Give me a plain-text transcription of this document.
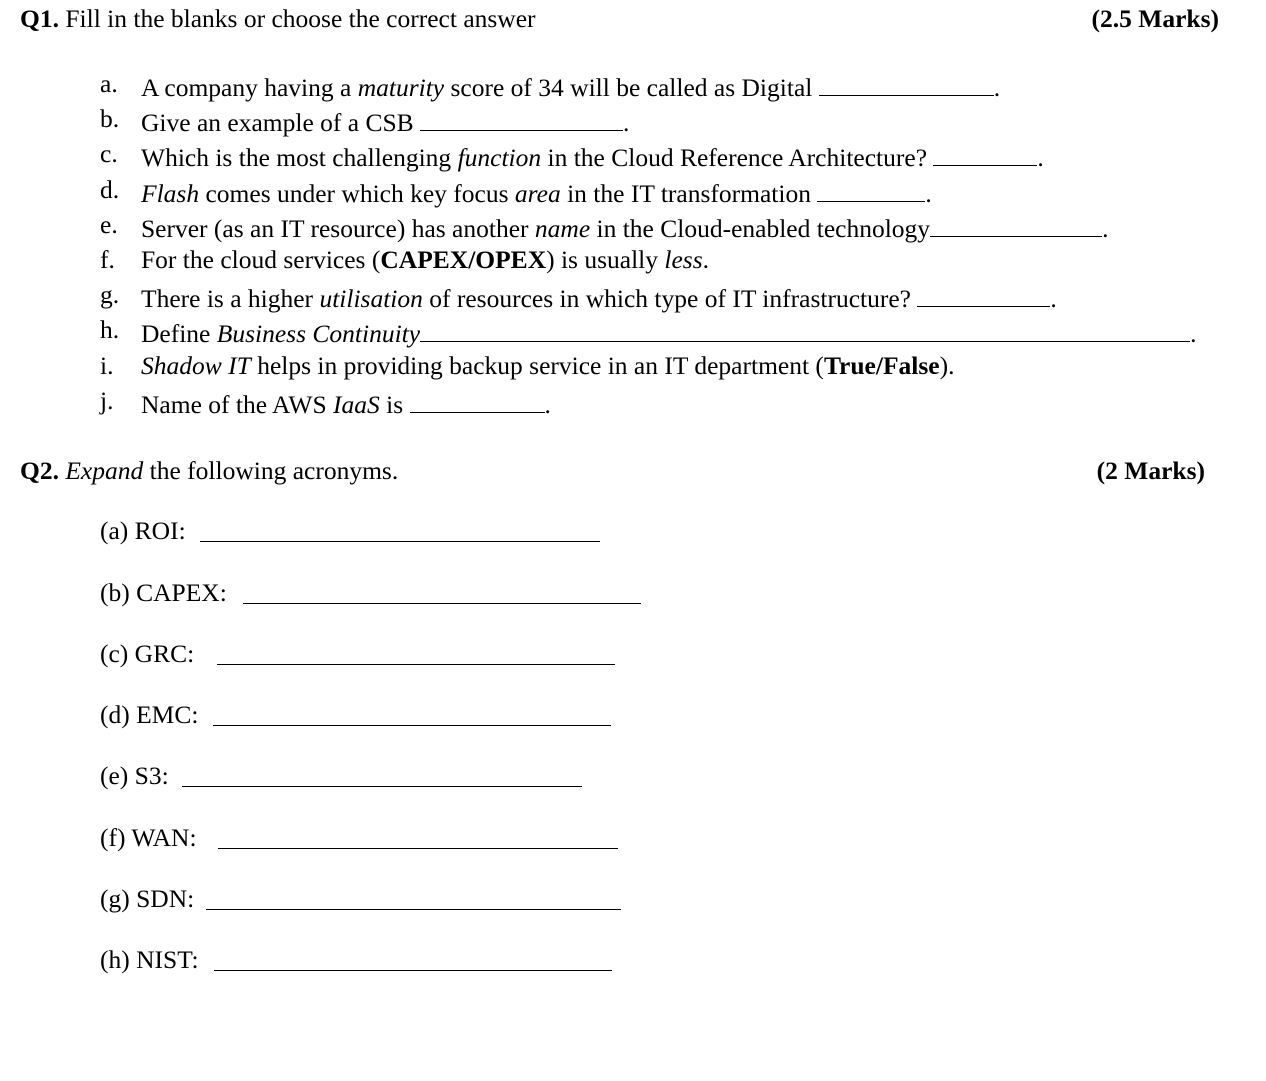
Q1. Fill in the blanks or choose the correct answer	(2.5 Marks)
a. A company having a maturity score of 34 will be called as Digital	.
b. Give an example of a CSB	.
c. Which is the most challenging function in the Cloud Reference Architecture?	.
d. Flash comes under which key focus area in the IT transformation	.
e. Server (as an IT resource) has another name in the Cloud-enabled technology	.
f. For the cloud services (CAPEX/OPEX) is usually less.
g. There is a higher utilisation of resources in which type of IT infrastructure?	.
h. Define Business Continuity	.
i. Shadow IT helps in providing backup service in an IT department (True/False).
j. Name of the AWS IaaS is	.
Q2. Expand the following acronyms.	(2 Marks)
(a) ROI:
(b) CAPEX:
(c) GRC:
(d) EMC:
(e) S3:
(f) WAN:
(g) SDN:
(h) NIST:
